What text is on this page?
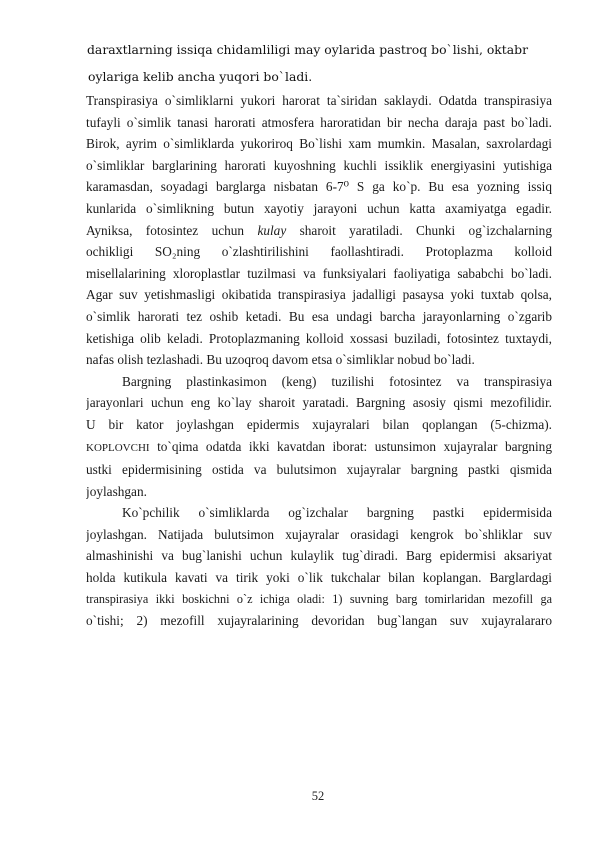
daraxtlarning issiqa chidamliligi may oylarida pastroq bo`lishi, oktabr
oylariga kelib ancha yuqori bo`ladi.
Transpirasiya o`simliklarni yukori harorat ta`siridan saklaydi. Odatda transpirasiya
tufayli o`simlik tanasi harorati atmosfera haroratidan bir necha daraja past bo`ladi.
Birok, ayrim o`simliklarda yukoriroq Bo`lishi xam mumkin. Masalan, saxrolardagi
o`simliklar barglarining harorati kuyoshning kuchli issiklik energiyasini yutishiga
karamasdan, soyadagi barglarga nisbatan 6-7⁰ S ga ko`p. Bu esa yozning issiq
kunlarida o`simlikning butun xayotiy jarayoni uchun katta axamiyatga egadir.
Ayniksa, fotosintez uchun kulay sharoit yaratiladi. Chunki og`izchalarning
ochikligi SO₂ning o`zlashtirilishini faollashtiradi. Protoplazma kolloid
misellalarining xloroplastlar tuzilmasi va funksiyalari faoliyatiga sababchi bo`ladi.
Agar suv yetishmasligi okibatida transpirasiya jadalligi pasaysa yoki tuxtab qolsa,
o`simlik harorati tez oshib ketadi. Bu esa undagi barcha jarayonlarning o`zgarib
ketishiga olib keladi. Protoplazmaning kolloid xossasi buziladi, fotosintez tuxtaydi,
nafas olish tezlashadi. Bu uzoqroq davom etsa o`simliklar nobud bo`ladi.
Bargning plastinkasimon (keng) tuzilishi fotosintez va transpirasiya
jarayonlari uchun eng ko`lay sharoit yaratadi. Bargning asosiy qismi mezofilidir.
U bir kator joylashgan epidermis xujayralari bilan qoplangan (5-chizma).
KOPLOVCHI to`qima odatda ikki kavatdan iborat: ustunsimon xujayralar bargning
ustki epidermisining ostida va bulutsimon xujayralar bargning pastki qismida
joylashgan.
Ko`pchilik o`simliklarda og`izchalar bargning pastki epidermisida
joylashgan. Natijada bulutsimon xujayralar orasidagi kengrok bo`shliklar suv
almashinishi va bug`lanishi uchun kulaylik tug`diradi. Barg epidermisi aksariyat
holda kutikula kavati va tirik yoki o`lik tukchalar bilan koplangan. Barglardagi
transpirasiya ikki boskichni o`z ichiga oladi: 1) suvning barg tomirlaridan mezofill ga
o`tishi; 2) mezofill xujayralarining devoridan bug`langan suv xujayralararo
52
